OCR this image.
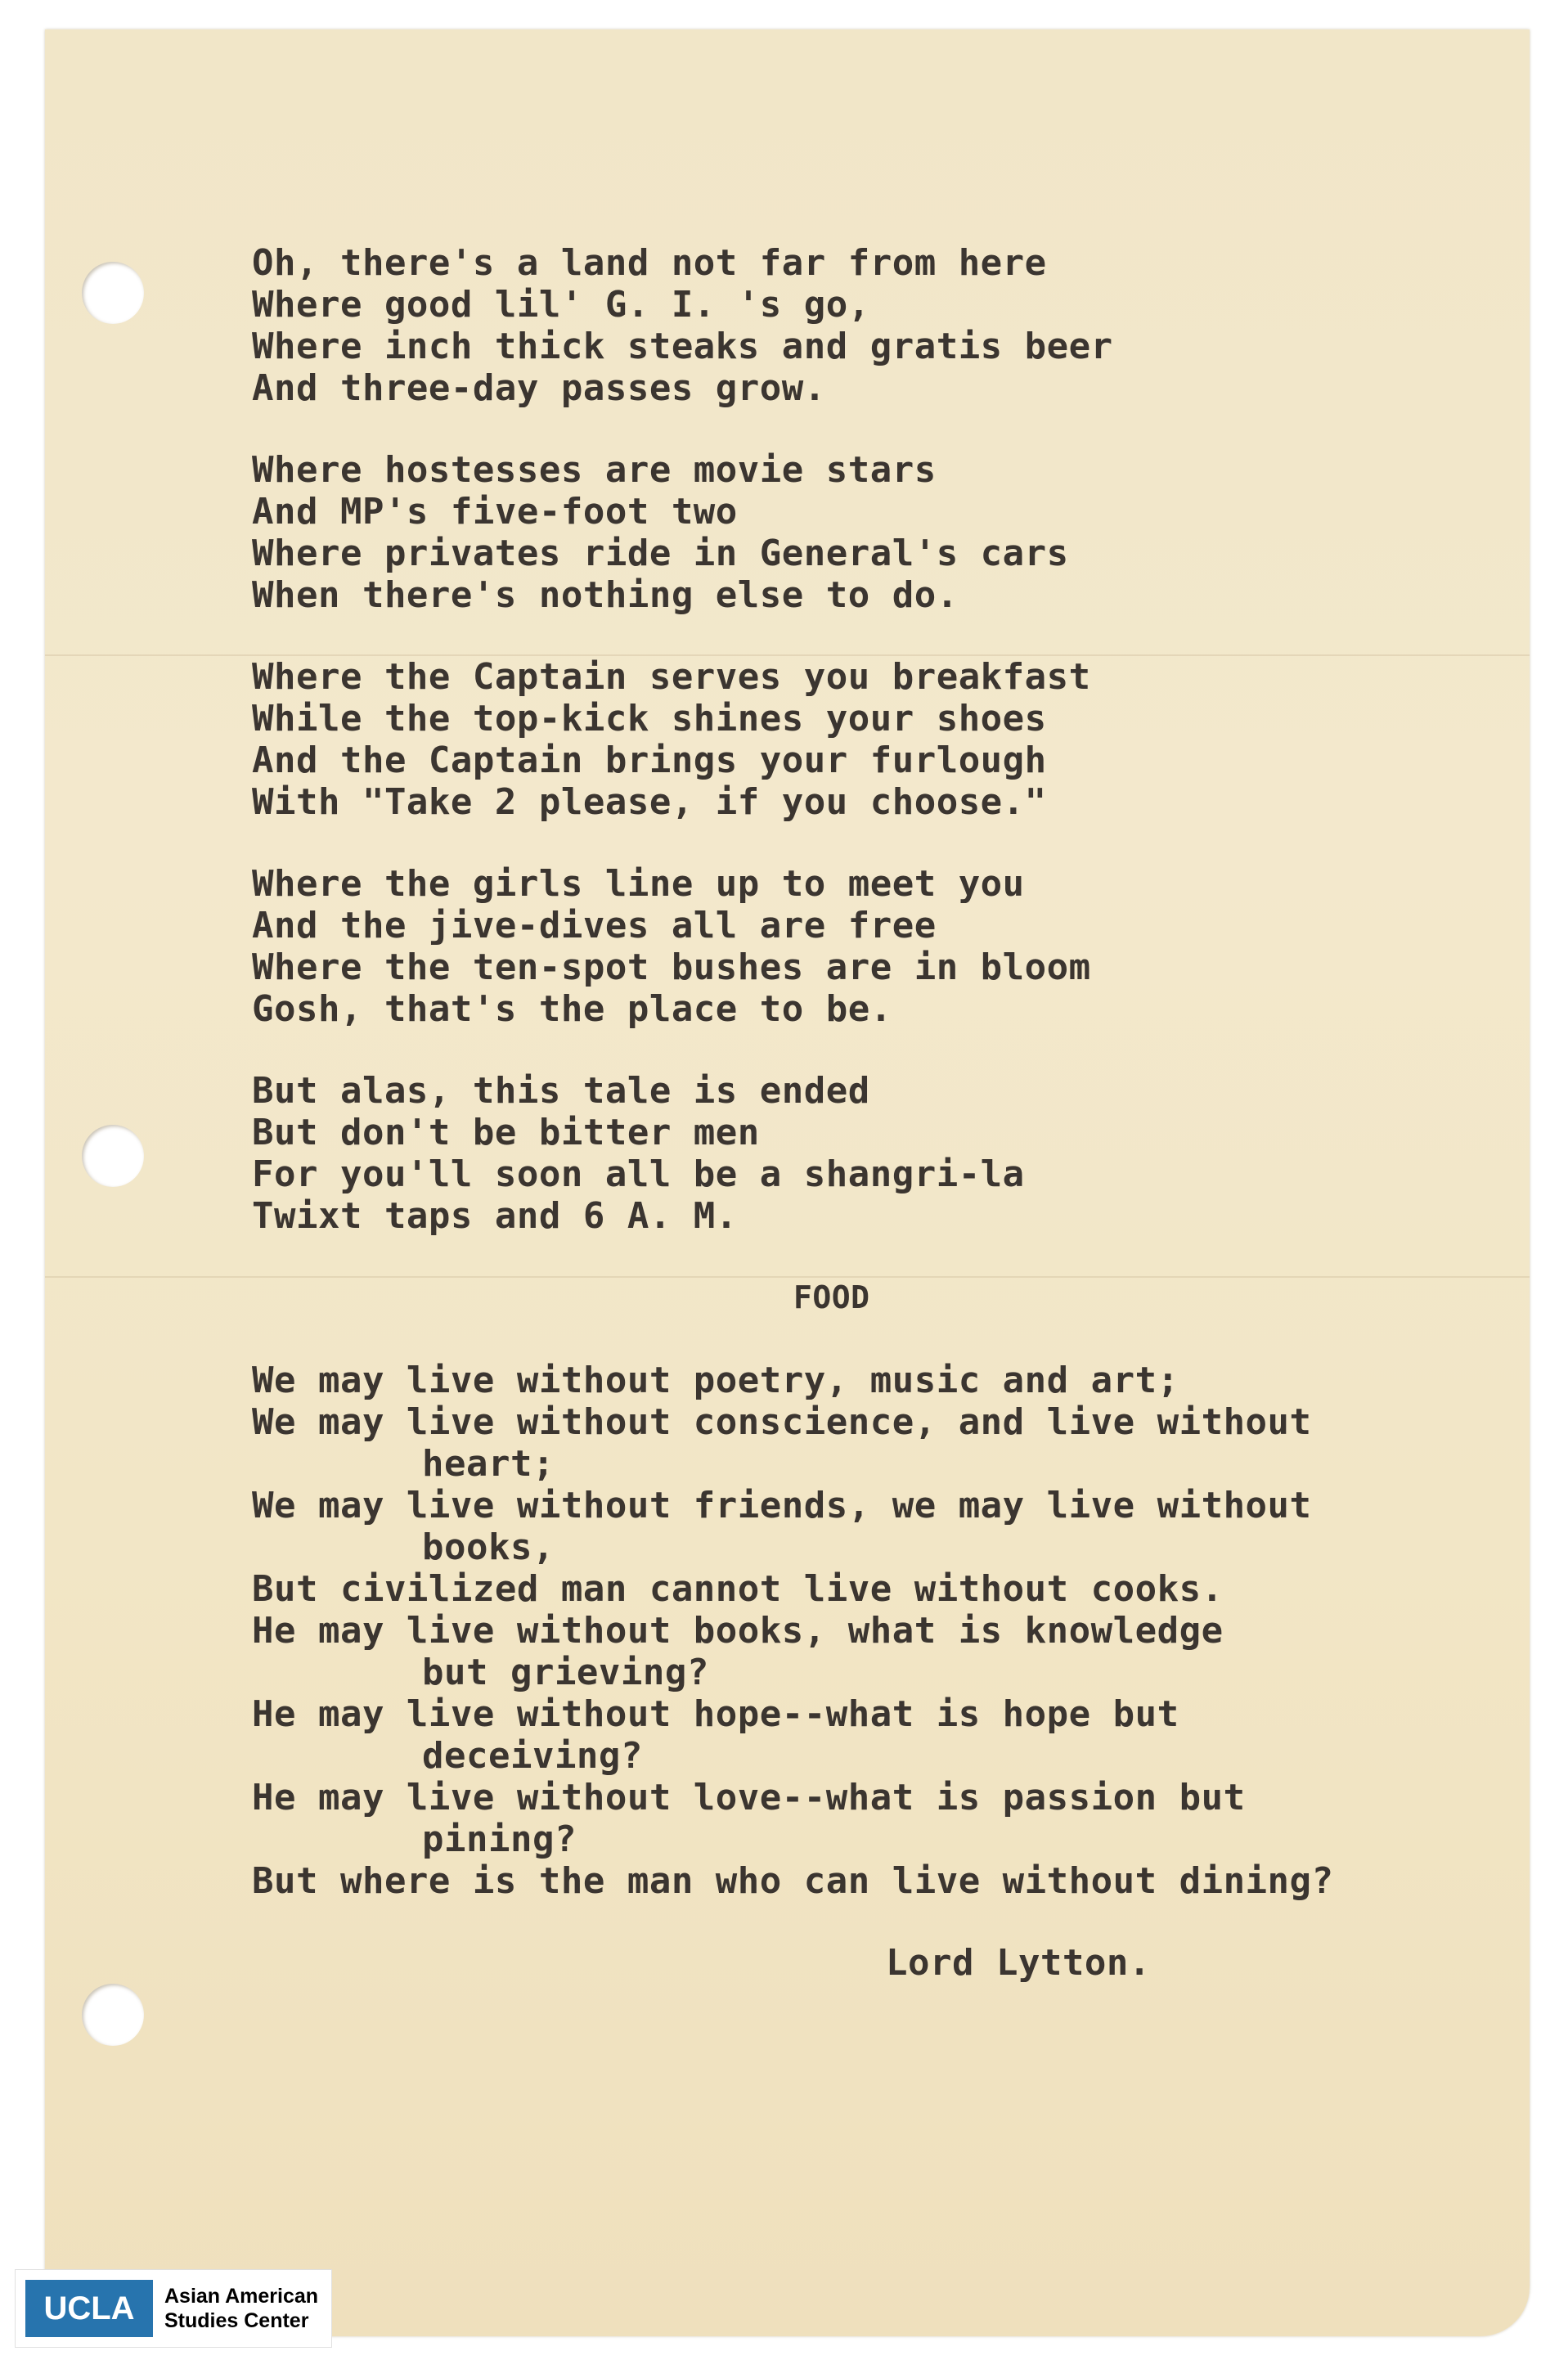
Oh, there's a land not far from here
Where good lil' G. I. 's go,
Where inch thick steaks and gratis beer
And three-day passes grow.
Where hostesses are movie stars
And MP's five-foot two
Where privates ride in General's cars
When there's nothing else to do.
Where the Captain serves you breakfast
While the top-kick shines your shoes
And the Captain brings your furlough
With "Take 2 please, if you choose."
Where the girls line up to meet you
And the jive-dives all are free
Where the ten-spot bushes are in bloom
Gosh, that's the place to be.
But alas, this tale is ended
But don't be bitter men
For you'll soon all be a shangri-la
Twixt taps and 6 A. M.
FOOD
We may live without poetry, music and art;
We may live without conscience, and live without
heart;
We may live without friends, we may live without
books,
But civilized man cannot live without cooks.
He may live without books, what is knowledge
but grieving?
He may live without hope--what is hope but
deceiving?
He may live without love--what is passion but
pining?
But where is the man who can live without dining?
Lord Lytton.
UCLA	Asian American
Studies Center
